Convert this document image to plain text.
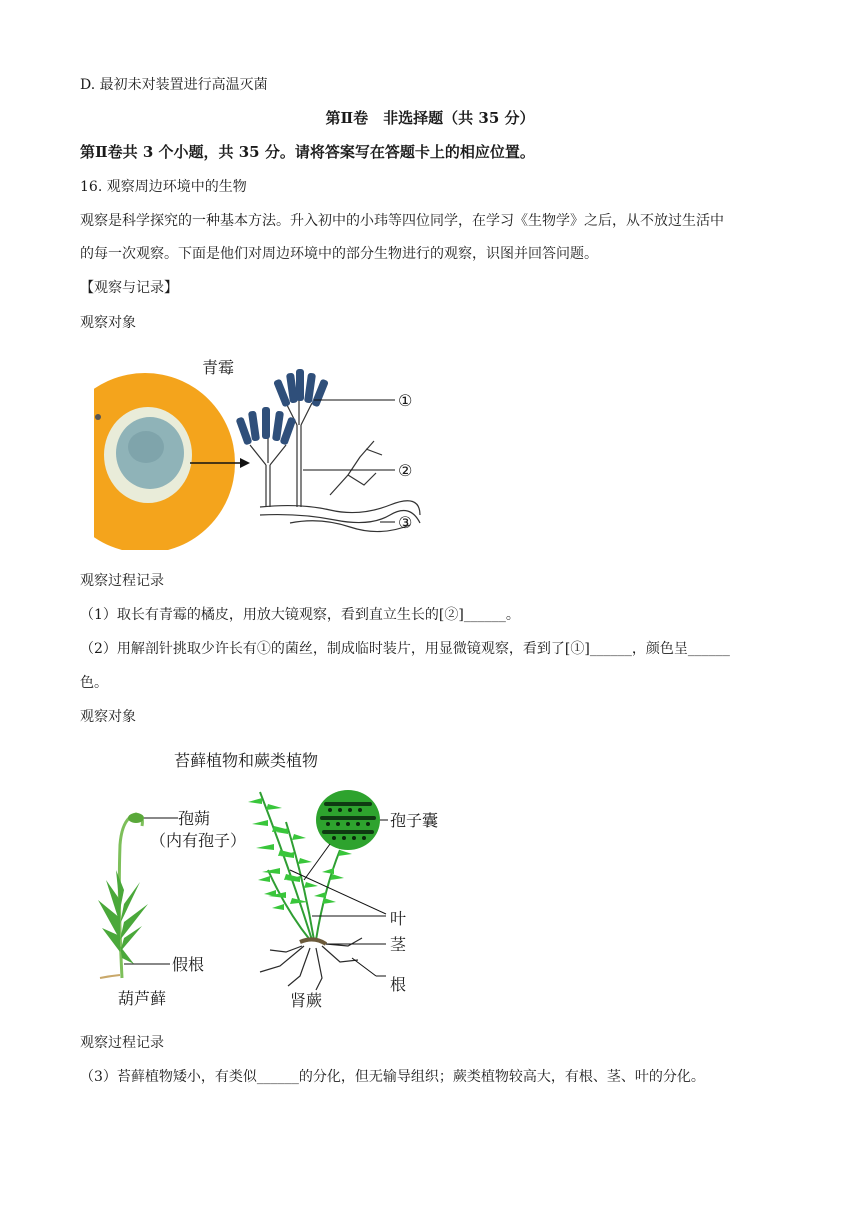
D. 最初未对装置进行高温灭菌
第Ⅱ卷　非选择题（共 35 分）
第Ⅱ卷共 3 个小题，共 35 分。请将答案写在答题卡上的相应位置。
16. 观察周边环境中的生物
观察是科学探究的一种基本方法。升入初中的小玮等四位同学，在学习《生物学》之后，从不放过生活中
的每一次观察。下面是他们对周边环境中的部分生物进行的观察，识图并回答问题。
【观察与记录】
观察对象
青霉
①
②
③
观察过程记录
（1）取长有青霉的橘皮，用放大镜观察，看到直立生长的[②]______。
（2）用解剖针挑取少许长有①的菌丝，制成临时装片，用显微镜观察，看到了[①]______，颜色呈______
色。
观察对象
苔藓植物和蕨类植物
孢蒴
（内有孢子）
假根
葫芦藓
孢子囊
叶
茎
根
肾蕨
观察过程记录
（3）苔藓植物矮小，有类似______的分化，但无输导组织；蕨类植物较高大，有根、茎、叶的分化。
